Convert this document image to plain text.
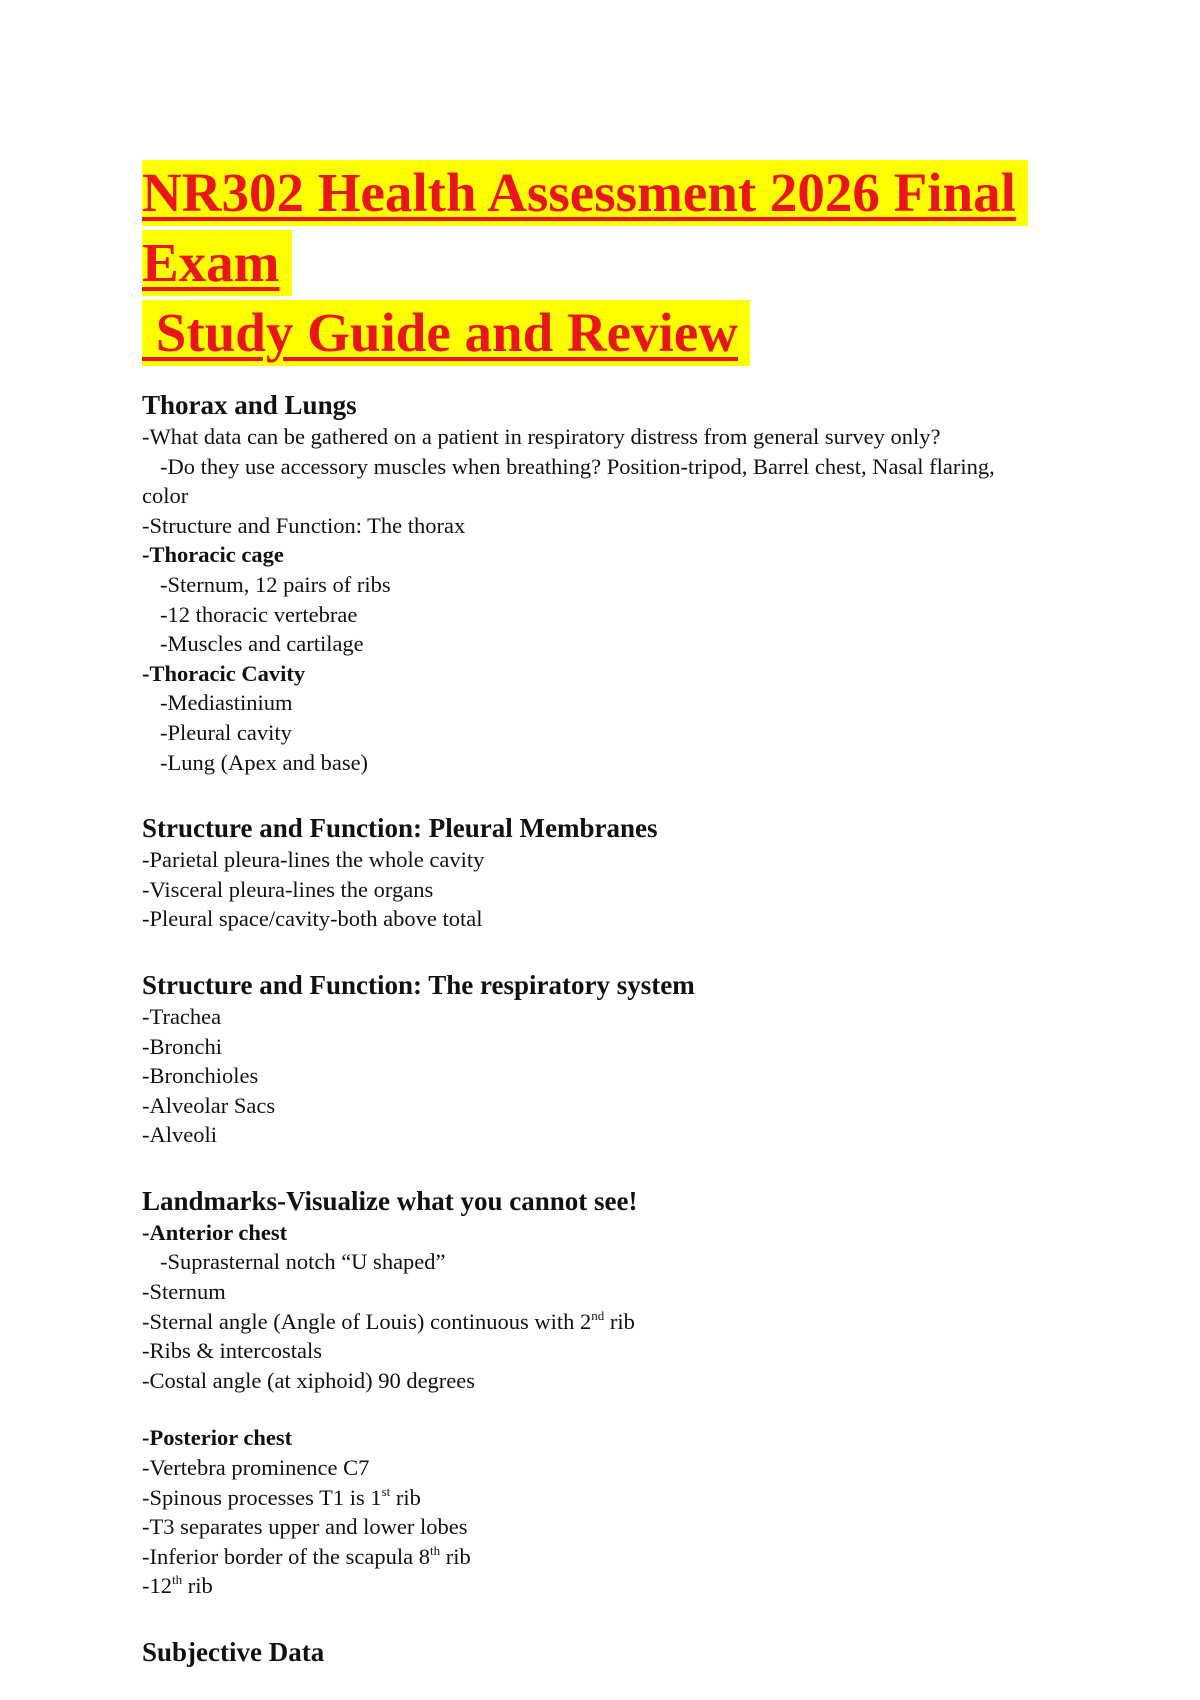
NR302 Health Assessment 2026 Final
Exam
Study Guide and Review
Thorax and Lungs
-What data can be gathered on a patient in respiratory distress from general survey only?
-Do they use accessory muscles when breathing? Position-tripod, Barrel chest, Nasal flaring,
color
-Structure and Function: The thorax
-Thoracic cage
-Sternum, 12 pairs of ribs
-12 thoracic vertebrae
-Muscles and cartilage
-Thoracic Cavity
-Mediastinium
-Pleural cavity
-Lung (Apex and base)
Structure and Function: Pleural Membranes
-Parietal pleura-lines the whole cavity
-Visceral pleura-lines the organs
-Pleural space/cavity-both above total
Structure and Function: The respiratory system
-Trachea
-Bronchi
-Bronchioles
-Alveolar Sacs
-Alveoli
Landmarks-Visualize what you cannot see!
-Anterior chest
-Suprasternal notch “U shaped”
-Sternum
-Sternal angle (Angle of Louis) continuous with 2nd rib
-Ribs & intercostals
-Costal angle (at xiphoid) 90 degrees
-Posterior chest
-Vertebra prominence C7
-Spinous processes T1 is 1st rib
-T3 separates upper and lower lobes
-Inferior border of the scapula 8th rib
-12th rib
Subjective Data
